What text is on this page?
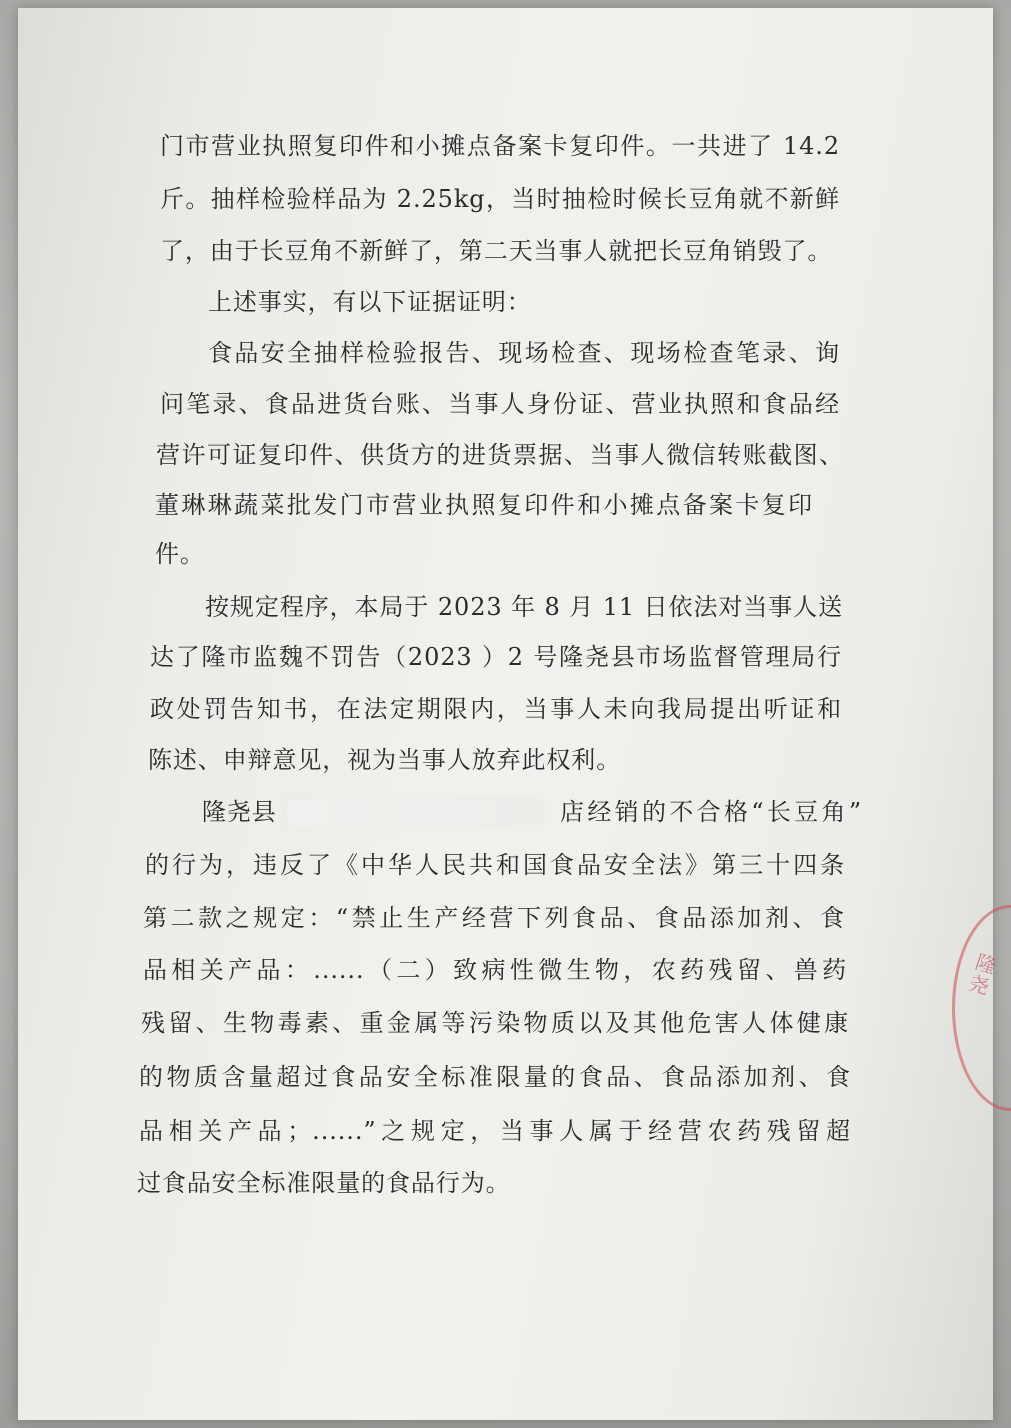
门市营业执照复印件和小摊点备案卡复印件。一共进了 14.2

斤。抽样检验样品为 2.25kg，当时抽检时候长豆角就不新鲜

了，由于长豆角不新鲜了，第二天当事人就把长豆角销毁了。

上述事实，有以下证据证明：

食品安全抽样检验报告、现场检查、现场检查笔录、询

问笔录、食品进货台账、当事人身份证、营业执照和食品经

营许可证复印件、供货方的进货票据、当事人微信转账截图、

董琳琳蔬菜批发门市营业执照复印件和小摊点备案卡复印

件。

按规定程序，本局于 2023 年 8 月 11 日依法对当事人送

达了隆市监魏不罚告（2023 ）2 号隆尧县市场监督管理局行

政处罚告知书，在法定期限内，当事人未向我局提出听证和

陈述、申辩意见，视为当事人放弃此权利。

隆尧县	店经销的不合格“长豆角”

的行为，违反了《中华人民共和国食品安全法》第三十四条

第二款之规定：“禁止生产经营下列食品、食品添加剂、食

品相关产品：......（二）致病性微生物，农药残留、兽药

残留、生物毒素、重金属等污染物质以及其他危害人体健康

的物质含量超过食品安全标准限量的食品、食品添加剂、食

品相关产品；......”之规定，当事人属于经营农药残留超

过食品安全标准限量的食品行为。

隆尧
